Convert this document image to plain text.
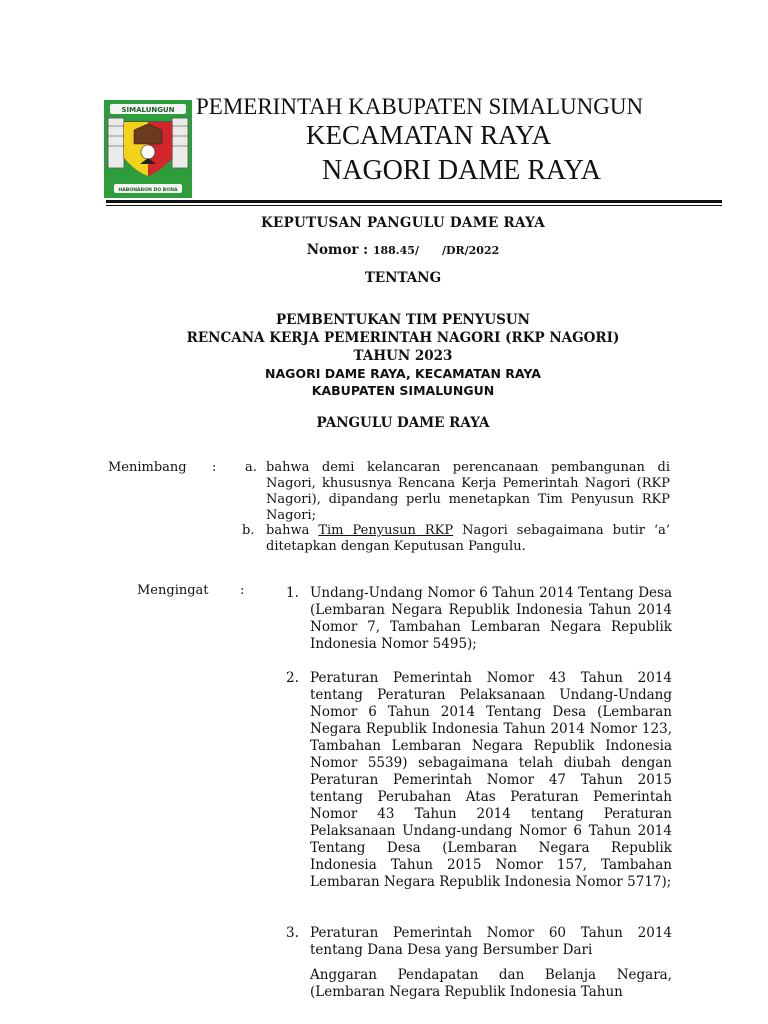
SIMALUNGUN
HABONARON DO BONA
PEMERINTAH KABUPATEN SIMALUNGUN
KECAMATAN RAYA
NAGORI DAME RAYA
KEPUTUSAN PANGULU DAME RAYA
Nomor : 188.45/      /DR/2022
TENTANG
PEMBENTUKAN TIM PENYUSUN
RENCANA KERJA PEMERINTAH NAGORI (RKP NAGORI)
TAHUN 2023
NAGORI DAME RAYA, KECAMATAN RAYA
KABUPATEN SIMALUNGUN
PANGULU DAME RAYA
Menimbang : a. bahwa demi kelancaran perencanaan pembangunan di Nagori, khususnya Rencana Kerja Pemerintah Nagori (RKP Nagori), dipandang perlu menetapkan Tim Penyusun RKP Nagori;
b. bahwa Tim Penyusun RKP Nagori sebagaimana butir ‘a’ ditetapkan dengan Keputusan Pangulu.
Mengingat :	1. Undang-Undang Nomor 6 Tahun 2014 Tentang Desa (Lembaran Negara Republik Indonesia Tahun 2014 Nomor 7, Tambahan Lembaran Negara Republik Indonesia Nomor 5495);
2. Peraturan Pemerintah Nomor 43 Tahun 2014 tentang Peraturan Pelaksanaan Undang-Undang Nomor 6 Tahun 2014 Tentang Desa (Lembaran Negara Republik Indonesia Tahun 2014 Nomor 123, Tambahan Lembaran Negara Republik Indonesia Nomor 5539) sebagaimana telah diubah dengan Peraturan Pemerintah Nomor 47 Tahun 2015 tentang Perubahan Atas Peraturan Pemerintah Nomor 43 Tahun 2014 tentang Peraturan Pelaksanaan Undang-undang Nomor 6 Tahun 2014 Tentang Desa (Lembaran Negara Republik Indonesia Tahun 2015 Nomor 157, Tambahan Lembaran Negara Republik Indonesia Nomor 5717);
3. Peraturan Pemerintah Nomor 60 Tahun 2014 tentang Dana Desa yang Bersumber Dari
Anggaran Pendapatan dan Belanja Negara, (Lembaran Negara Republik Indonesia Tahun
